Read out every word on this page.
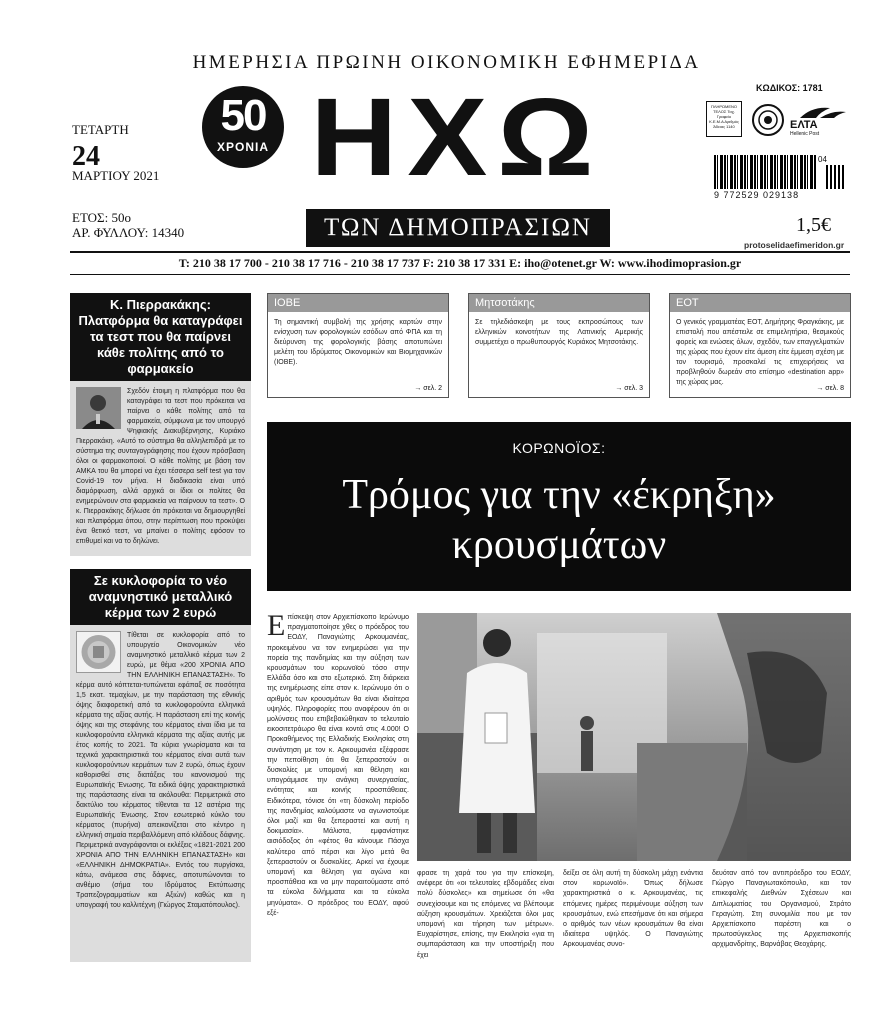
ΗΜΕΡΗΣΙΑ ΠΡΩΙΝΗ ΟΙΚΟΝΟΜΙΚΗ ΕΦΗΜΕΡΙΔΑ
ΤΕΤΑΡΤΗ
24
ΜΑΡΤΙΟΥ 2021
ΕΤΟΣ: 50ο
ΑΡ. ΦΥΛΛΟΥ: 14340
50
ΧΡΟΝΙΑ ΗΧΩ
ΤΩΝ ΔΗΜΟΠΡΑΣΙΩΝ
ΚΩΔΙΚΟΣ: 1781
ΠΛΗΡΩΜΕΝΟ ΤΕΛΟΣ Ταχ. Γραφείο Κ.Ε.Μ.Α Αριθμός Άδειας 1140	ΕΛΤΑ
Hellenic Post
04
9 772529 029138
1,5€
protoselidaefimeridon.gr
T: 210 38 17 700 - 210 38 17 716 - 210 38 17 737 F: 210 38 17 331 E: iho@otenet.gr W: www.ihodimoprasion.gr
Κ. Πιερρακάκης: Πλατφόρμα θα καταγράφει τα τεστ που θα παίρνει κάθε πολίτης από το φαρμακείο
Σχεδόν έτοιμη η πλατφόρμα που θα καταγράφει τα τεστ που πρόκειται να παίρνει ο κάθε πολίτης από τα φαρμακεία, σύμφωνα με τον υπουργό Ψηφιακής Διακυβέρνησης, Κυριάκο Πιερρακάκη. «Αυτό το σύστημα θα αλληλεπιδρά με το σύστημα της συνταγογράφησης που έχουν πρόσβαση όλοι οι φαρμακοποιοί. Ο κάθε πολίτης με βάση τον ΑΜΚΑ του θα μπορεί να έχει τέσσερα self test για τον Covid-19 τον μήνα. Η διαδικασία είναι υπό διαμόρφωση, αλλά αρχικά οι ίδιοι οι πολίτες θα ενημερώνουν στα φαρμακεία να παίρνουν τα τεστ». Ο κ. Πιερρακάκης δήλωσε ότι πρόκειται να δημιουργηθεί και πλατφόρμα όπου, στην περίπτωση που προκύψει ένα θετικό τεστ, να μπαίνει ο πολίτης εφόσον το επιθυμεί και να το δηλώνει.
Σε κυκλοφορία το νέο αναμνηστικό μεταλλικό κέρμα των 2 ευρώ
Τίθεται σε κυκλοφορία από το υπουργείο Οικονομικών νέο αναμνηστικό μεταλλικό κέρμα των 2 ευρώ, με θέμα «200 ΧΡΟΝΙΑ ΑΠΟ ΤΗΝ ΕΛΛΗΝΙΚΗ ΕΠΑΝΑΣΤΑΣΗ». Το κέρμα αυτό κόπτεται-τυπώνεται εφάπαξ σε ποσότητα 1,5 εκατ. τεμαχίων, με την παράσταση της εθνικής όψης διαφορετική από τα κυκλοφορούντα ελληνικά κέρματα της αξίας αυτής. Η παράσταση επί της κοινής όψης και της στεφάνης του κέρματος είναι ίδια με τα κυκλοφορούντα ελληνικά κέρματα της αξίας αυτής με έτος κοπής το 2021. Τα κύρια γνωρίσματα και τα τεχνικά χαρακτηριστικά του κέρματος είναι αυτά των κυκλοφορούντων κερμάτων των 2 ευρώ, όπως έχουν καθορισθεί στις διατάξεις του κανονισμού της Ευρωπαϊκής Ένωσης. Τα ειδικά όψης χαρακτηριστικά της παράστασης είναι τα ακόλουθα: Περιμετρικά στο δακτύλιο του κέρματος τίθενται τα 12 αστέρια της Ευρωπαϊκής Ένωσης. Στον εσωτερικό κύκλο του κέρματος (πυρήνα) απεικονίζεται στο κέντρο η ελληνική σημαία περιβαλλόμενη από κλάδους δάφνης. Περιμετρικά αναγράφονται οι εκλέξεις «1821-2021 200 ΧΡΟΝΙΑ ΑΠΟ ΤΗΝ ΕΛΛΗΝΙΚΗ ΕΠΑΝΑΣΤΑΣΗ» και «ΕΛΛΗΝΙΚΗ ΔΗΜΟΚΡΑΤΙΑ». Εντός του πυργίσκα, κάτω, ανάμεσα στις δάφνες, αποτυπώνονται το ανθέμιο (σήμα του Ιδρύματος Εκτύπωσης Τραπεζογραμματίων και Αξιών) καθώς και η υπογραφή του καλλιτέχνη (Γιώργος Σταματόπουλος).
ΙΟΒΕ
Τη σημαντική συμβολή της χρήσης καρτών στην ενίσχυση των φορολογικών εσόδων από ΦΠΑ και τη διεύρυνση της φορολογικής βάσης αποτυπώνει μελέτη του Ιδρύματος Οικονομικών και Βιομηχανικών (ΙΟΒΕ).
→ σελ. 2
Μητσοτάκης
Σε τηλεδιάσκεψη με τους εκπροσώπους των ελληνικών κοινοτήτων της Λατινικής Αμερικής συμμετέχει ο πρωθυπουργός Κυριάκος Μητσοτάκης.
→ σελ. 3
ΕΟΤ
Ο γενικός γραμματέας ΕΟΤ, Δημήτρης Φραγκάκης, με επιστολή που απέστειλε σε επιμελητήρια, θεσμικούς φορείς και ενώσεις όλων, σχεδόν, των επαγγελματιών της χώρας που έχουν είτε άμεση είτε έμμεση σχέση με τον τουρισμό, προσκαλεί τις επιχειρήσεις να προβληθούν δωρεάν στο επίσημο «destination app» της χώρας μας.
→ σελ. 8
ΚΟΡΩΝΟΪΟΣ:
Τρόμος για την «έκρηξη»
κρουσμάτων
Επίσκεψη στον Αρχιεπίσκοπο Ιερώνυμο πραγματοποίησε χθες ο πρόεδρος του ΕΟΔΥ, Παναγιώτης Αρκουμανέας, προκειμένου να τον ενημερώσει για την πορεία της πανδημίας και την αύξηση των κρουσμάτων του κορωνοϊού τόσο στην Ελλάδα όσο και στο εξωτερικό. Στη διάρκεια της ενημέρωσης είπε στον κ. Ιερώνυμο ότι ο αριθμός των κρουσμάτων θα είναι ιδιαίτερα υψηλός. Πληροφορίες που αναφέρουν ότι οι μολύνσεις που επιβεβαιώθηκαν το τελευταίο εικοσιτετράωρο θα είναι κοντά στις 4.000! Ο Προκαθήμενος της Ελλαδικής Εκκλησίας στη συνάντηση με τον κ. Αρκουμανέα εξέφρασε την πεποίθηση ότι θα ξεπεραστούν οι δυσκολίες με υπομονή και θέληση και υπογράμμισε την ανάγκη συνεργασίας, ενότητας και κοινής προσπάθειας. Ειδικότερα, τόνισε ότι «τη δύσκολη περίοδο της πανδημίας καλούμαστε να αγωνιστούμε όλοι μαζί και θα ξεπεραστεί και αυτή η δοκιμασία». Μάλιστα, εμφανίστηκε αισιόδοξος ότι «φέτος θα κάνουμε Πάσχα καλύτερο από πέρσι και λίγο μετά θα ξεπεραστούν οι δυσκολίες. Αρκεί να έχουμε υπομονή και θέληση για αγώνα και προσπάθεια και να μην παραιτούμαστε από τα εύκολα διλήμματα και τα εύκολα μηνύματα». Ο πρόεδρος του ΕΟΔΥ, αφού εξέ-
φρασε τη χαρά του για την επίσκεψη, ανέφερε ότι «οι τελευταίες εβδομάδες είναι πολύ δύσκολες» και σημείωσε ότι «θα συνεχίσουμε και τις επόμενες να βλέπουμε αύξηση κρουσμάτων. Χρειάζεται όλοι μας υπομονή και τήρηση των μέτρων». Ευχαρίστησε, επίσης, την Εκκλησία «για τη συμπαράσταση και την υποστήριξη που έχει
δείξει σε όλη αυτή τη δύσκολη μάχη ενάντια στον κορωνοϊό». Όπως δήλωσε χαρακτηριστικά ο κ. Αρκουμανέας, τις επόμενες ημέρες περιμένουμε αύξηση των κρουσμάτων, ενώ επεσήμανε ότι και σήμερα ο αριθμός των νέων κρουσμάτων θα είναι ιδιαίτερα υψηλός. Ο Παναγιώτης Αρκουμανέας συνο-
δευόταν από τον αντιπρόεδρο του ΕΟΔΥ, Γιώργο Παναγιωτακόπουλο, και τον επικεφαλής Διεθνών Σχέσεων και Διπλωματίας του Οργανισμού, Στράτο Γεραγώτη. Στη συνομιλία που με τον Αρχιεπίσκοπο παρέστη και ο πρωτοσύγκελος της Αρχιεπισκοπής αρχιμανδρίτης, Βαρνάβας Θεοχάρης.
